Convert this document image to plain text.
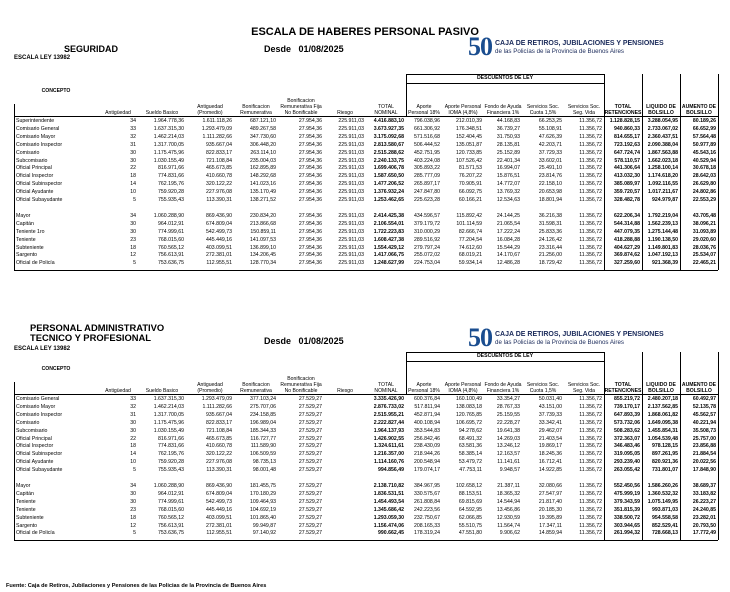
ESCALA DE HABERES PERSONAL PASIVO
SEGURIDAD
ESCALA LEY 13982
Desde 01/08/2025	50 CAJA DE RETIROS, JUBILACIONES Y PENSIONES
de las Policías de la Provincia de Buenos Aires
PERSONAL ADMINISTRATIVO
TECNICO Y PROFESIONAL
ESCALA LEY 13982
Desde 01/08/2025	50 CAJA DE RETIROS, JUBILACIONES Y PENSIONES
de las Policías de la Provincia de Buenos Aires
DESCUENTOS DE LEY
CONCEPTO
Antigüedad	Sueldo Basico
Antiguedad (Promedio)
Bonificacion Remunerativa
Bonificacion Remunerativa Fija No Bonificable	Riesgo
TOTAL NOMINAL
Aporte Personal 18%
Aporte Personal IOMA (4,8%)
Fondo de Ayuda Financiera 1%
Servicios Soc. Cuota 1,5%
Servicios Soc. Seg. Vida
TOTAL RETENCIONES
LIQUIDO DE BOLSILLO
AUMENTO DE BOLSILLO
Superintendente	34	1.964.778,36	1.611.118,26	687.121,10	27.954,36	225.911,03	4.416.883,10	796.038,96	212.010,39	44.168,83	66.253,25	11.356,72	1.128.828,15	3.288.054,95	80.189,26
Comisario General	33	1.637.315,30	1.293.479,09	489.267,58	27.954,36	225.911,03	3.673.927,35	661.306,92	176.348,51	36.739,27	55.108,91	11.356,72	940.860,33	2.733.067,02	66.652,99
Comisario Mayor	32	1.462.214,03	1.111.282,66	347.730,60	27.954,36	225.911,03	3.175.092,68	571.516,68	152.404,45	31.750,93	47.626,39	11.356,72	814.655,17	2.360.437,51	57.564,48
Comisario Inspector	31	1.317.700,05	935.667,04	306.448,20	27.954,36	225.911,03	2.813.580,67	506.444,52	135.051,87	28.135,81	42.203,71	11.356,72	723.192,63	2.090.388,04	50.977,89
Comisario	30	1.175.475,96	822.833,17	263.114,10	27.954,36	225.911,03	2.515.288,62	452.751,95	120.733,85	25.152,89	37.729,33	11.356,72	647.724,74	1.867.563,88	45.543,16
Subcomisario	30	1.030.155,49	721.108,84	235.004,03	27.954,36	225.911,03	2.240.133,75	403.224,08	107.526,42	22.401,34	33.602,01	11.356,72	578.110,57	1.662.023,18	40.529,94
Oficial Principal	22	816.971,66	465.673,85	162.895,89	27.954,36	225.911,03	1.699.406,78	305.893,22	81.571,53	16.994,07	25.491,10	11.356,72	441.306,64	1.258.100,14	30.678,18
Oficial Inspector	18	774.831,66	410.660,78	148.292,68	27.954,36	225.911,03	1.587.650,50	285.777,09	76.207,22	15.876,51	23.814,76	11.356,72	413.032,30	1.174.618,20	28.642,03
Oficial Subinspector	14	762.195,76	320.122,22	141.023,16	27.954,36	225.911,03	1.477.206,52	265.897,17	70.905,91	14.772,07	22.158,10	11.356,72	385.089,97	1.092.116,55	26.629,80
Oficial Ayudante	10	759.920,28	227.976,08	135.170,49	27.954,36	225.911,03	1.376.932,24	247.847,80	66.092,75	13.769,32	20.653,98	11.356,72	359.720,57	1.017.211,67	24.802,86
Oficial Subayudante	5	755.935,43	113.390,31	138.271,52	27.954,36	225.911,03	1.253.462,65	225.623,28	60.166,21	12.534,63	18.801,94	11.356,72	328.482,78	924.979,87	22.553,29
Mayor	34	1.060.288,90	869.436,90	230.834,20	27.954,36	225.911,03	2.414.425,38	434.596,57	115.892,42	24.144,25	36.216,38	11.356,72	622.206,34	1.792.219,04	43.705,48
Capitán	30	964.012,91	674.809,04	213.866,68	27.954,36	225.911,03	2.106.554,01	379.179,72	101.114,59	21.065,54	31.598,31	11.356,72	544.314,88	1.562.239,13	38.096,21
Teniente 1ro	30	774.999,61	542.499,73	150.859,11	27.954,36	225.911,03	1.722.223,83	310.000,29	82.666,74	17.222,24	25.833,36	11.356,72	447.079,35	1.275.144,48	31.093,89
Teniente	23	768.015,60	445.449,16	141.097,53	27.954,36	225.911,03	1.608.427,38	289.516,92	77.204,54	16.084,28	24.126,42	11.356,72	418.288,88	1.190.138,50	29.020,60
Subteniente	18	760.565,12	403.099,51	136.899,10	27.954,36	225.911,03	1.554.429,12	279.797,24	74.612,60	15.544,29	23.316,44	11.356,72	404.627,29	1.149.801,83	28.036,76
Sargento	12	756.613,91	272.381,01	134.206,45	27.954,36	225.911,03	1.417.066,75	255.072,02	68.019,21	14.170,67	21.256,00	11.356,72	369.874,62	1.047.192,13	25.534,07
Oficial de Policía	5	753.636,75	112.955,51	128.770,34	27.954,36	225.911,03	1.248.627,99	224.753,04	59.934,14	12.486,28	18.729,42	11.356,72	327.259,60	921.368,39	22.465,21
DESCUENTOS DE LEY
CONCEPTO
Antigüedad	Sueldo Basico
Antiguedad (Promedio)
Bonificacion Remunerativa
Bonificacion Remunerativa Fija No Bonificable	Riesgo
TOTAL NOMINAL
Aporte Personal 18%
Aporte Personal IOMA (4,8%)
Fondo de Ayuda Financiera 1%
Servicios Soc. Cuota 1,5%
Servicios Soc. Seg. Vida
TOTAL RETENCIONES
LIQUIDO DE BOLSILLO
AUMENTO DE BOLSILLO
Comisario General	33	1.637.315,30	1.293.479,09	377.103,24	27.529,27		3.335.426,90	600.376,84	160.100,49	33.354,27	50.031,40	11.356,72	855.219,72	2.480.207,18	60.492,97
Comisario Mayor	32	1.462.214,03	1.111.282,66	275.707,06	27.529,27		2.876.733,02	517.811,94	138.083,18	28.767,33	43.151,00	11.356,72	739.170,17	2.137.562,85	52.135,78
Comisario Inspector	31	1.317.700,05	935.667,04	234.158,85	27.529,27		2.515.955,21	452.871,94	120.765,85	25.159,55	37.739,33	11.356,72	647.893,39	1.868.061,82	45.562,57
Comisario	30	1.175.475,96	822.833,17	196.989,04	27.529,27		2.222.827,44	400.108,94	106.695,72	22.228,27	33.342,41	11.356,72	573.732,06	1.649.095,38	40.221,94
Subcomisario	30	1.030.155,49	721.108,84	185.344,33	27.529,27		1.964.137,93	353.544,83	94.278,62	19.641,38	29.462,07	11.356,72	508.283,62	1.455.854,31	35.508,73
Oficial Principal	22	816.971,66	465.673,85	116.727,77	27.529,27		1.426.902,55	256.842,46	68.491,32	14.269,03	21.403,54	11.356,72	372.363,07	1.054.539,48	25.757,00
Oficial Inspector	18	774.831,66	410.660,78	111.589,90	27.529,27		1.324.611,61	238.430,09	63.581,36	13.246,12	19.869,17	11.356,72	346.483,46	978.128,15	23.856,88
Oficial Subinspector	14	762.195,76	320.122,22	106.509,59	27.529,27		1.216.357,00	218.944,26	58.385,14	12.163,57	18.245,36	11.356,72	319.095,05	897.261,95	21.884,54
Oficial Ayudante	10	759.920,28	227.976,08	98.735,13	27.529,27		1.114.160,76	200.548,94	53.479,72	11.141,61	16.712,41	11.356,72	293.239,40	820.921,36	20.022,56
Oficial Subayudante	5	755.935,43	113.390,31	98.001,48	27.529,27		994.856,49	179.074,17	47.753,11	9.948,57	14.922,85	11.356,72	263.055,42	731.801,07	17.848,90
Mayor	34	1.060.288,90	869.436,90	181.455,75	27.529,27		2.138.710,82	384.967,95	102.658,12	21.387,11	32.080,66	11.356,72	552.450,56	1.586.260,26	38.689,37
Capitán	30	964.012,91	674.809,04	170.180,29	27.529,27		1.836.531,51	330.575,67	88.153,51	18.365,32	27.547,97	11.356,72	475.999,19	1.360.532,32	33.183,82
Teniente	30	774.999,61	542.499,73	109.464,93	27.529,27		1.454.493,54	261.808,84	69.815,69	14.544,94	21.817,40	11.356,72	379.343,59	1.075.149,95	26.223,27
Teniente	23	768.015,60	445.449,16	104.692,19	27.529,27		1.345.686,42	242.223,56	64.592,95	13.456,86	20.185,30	11.356,72	351.815,39	993.871,03	24.240,85
Subteniente	18	760.565,12	403.099,51	101.865,40	27.529,27		1.293.059,30	232.750,67	62.066,85	12.930,59	19.395,89	11.356,72	338.500,72	954.558,58	23.282,01
Sargento	12	756.613,91	272.381,01	99.949,87	27.529,27		1.156.474,06	208.165,33	55.510,75	11.564,74	17.347,11	11.356,72	303.944,65	852.529,41	20.793,50
Oficial de Policía	5	753.636,75	112.955,51	97.140,92	27.529,27		990.662,45	178.319,24	47.551,80	9.906,62	14.859,94	11.356,72	261.994,32	728.668,13	17.772,49
Fuente: Caja de Retiros, Jubilaciones y Pensiones de las Policias de la Provincia de Buenos Aires
